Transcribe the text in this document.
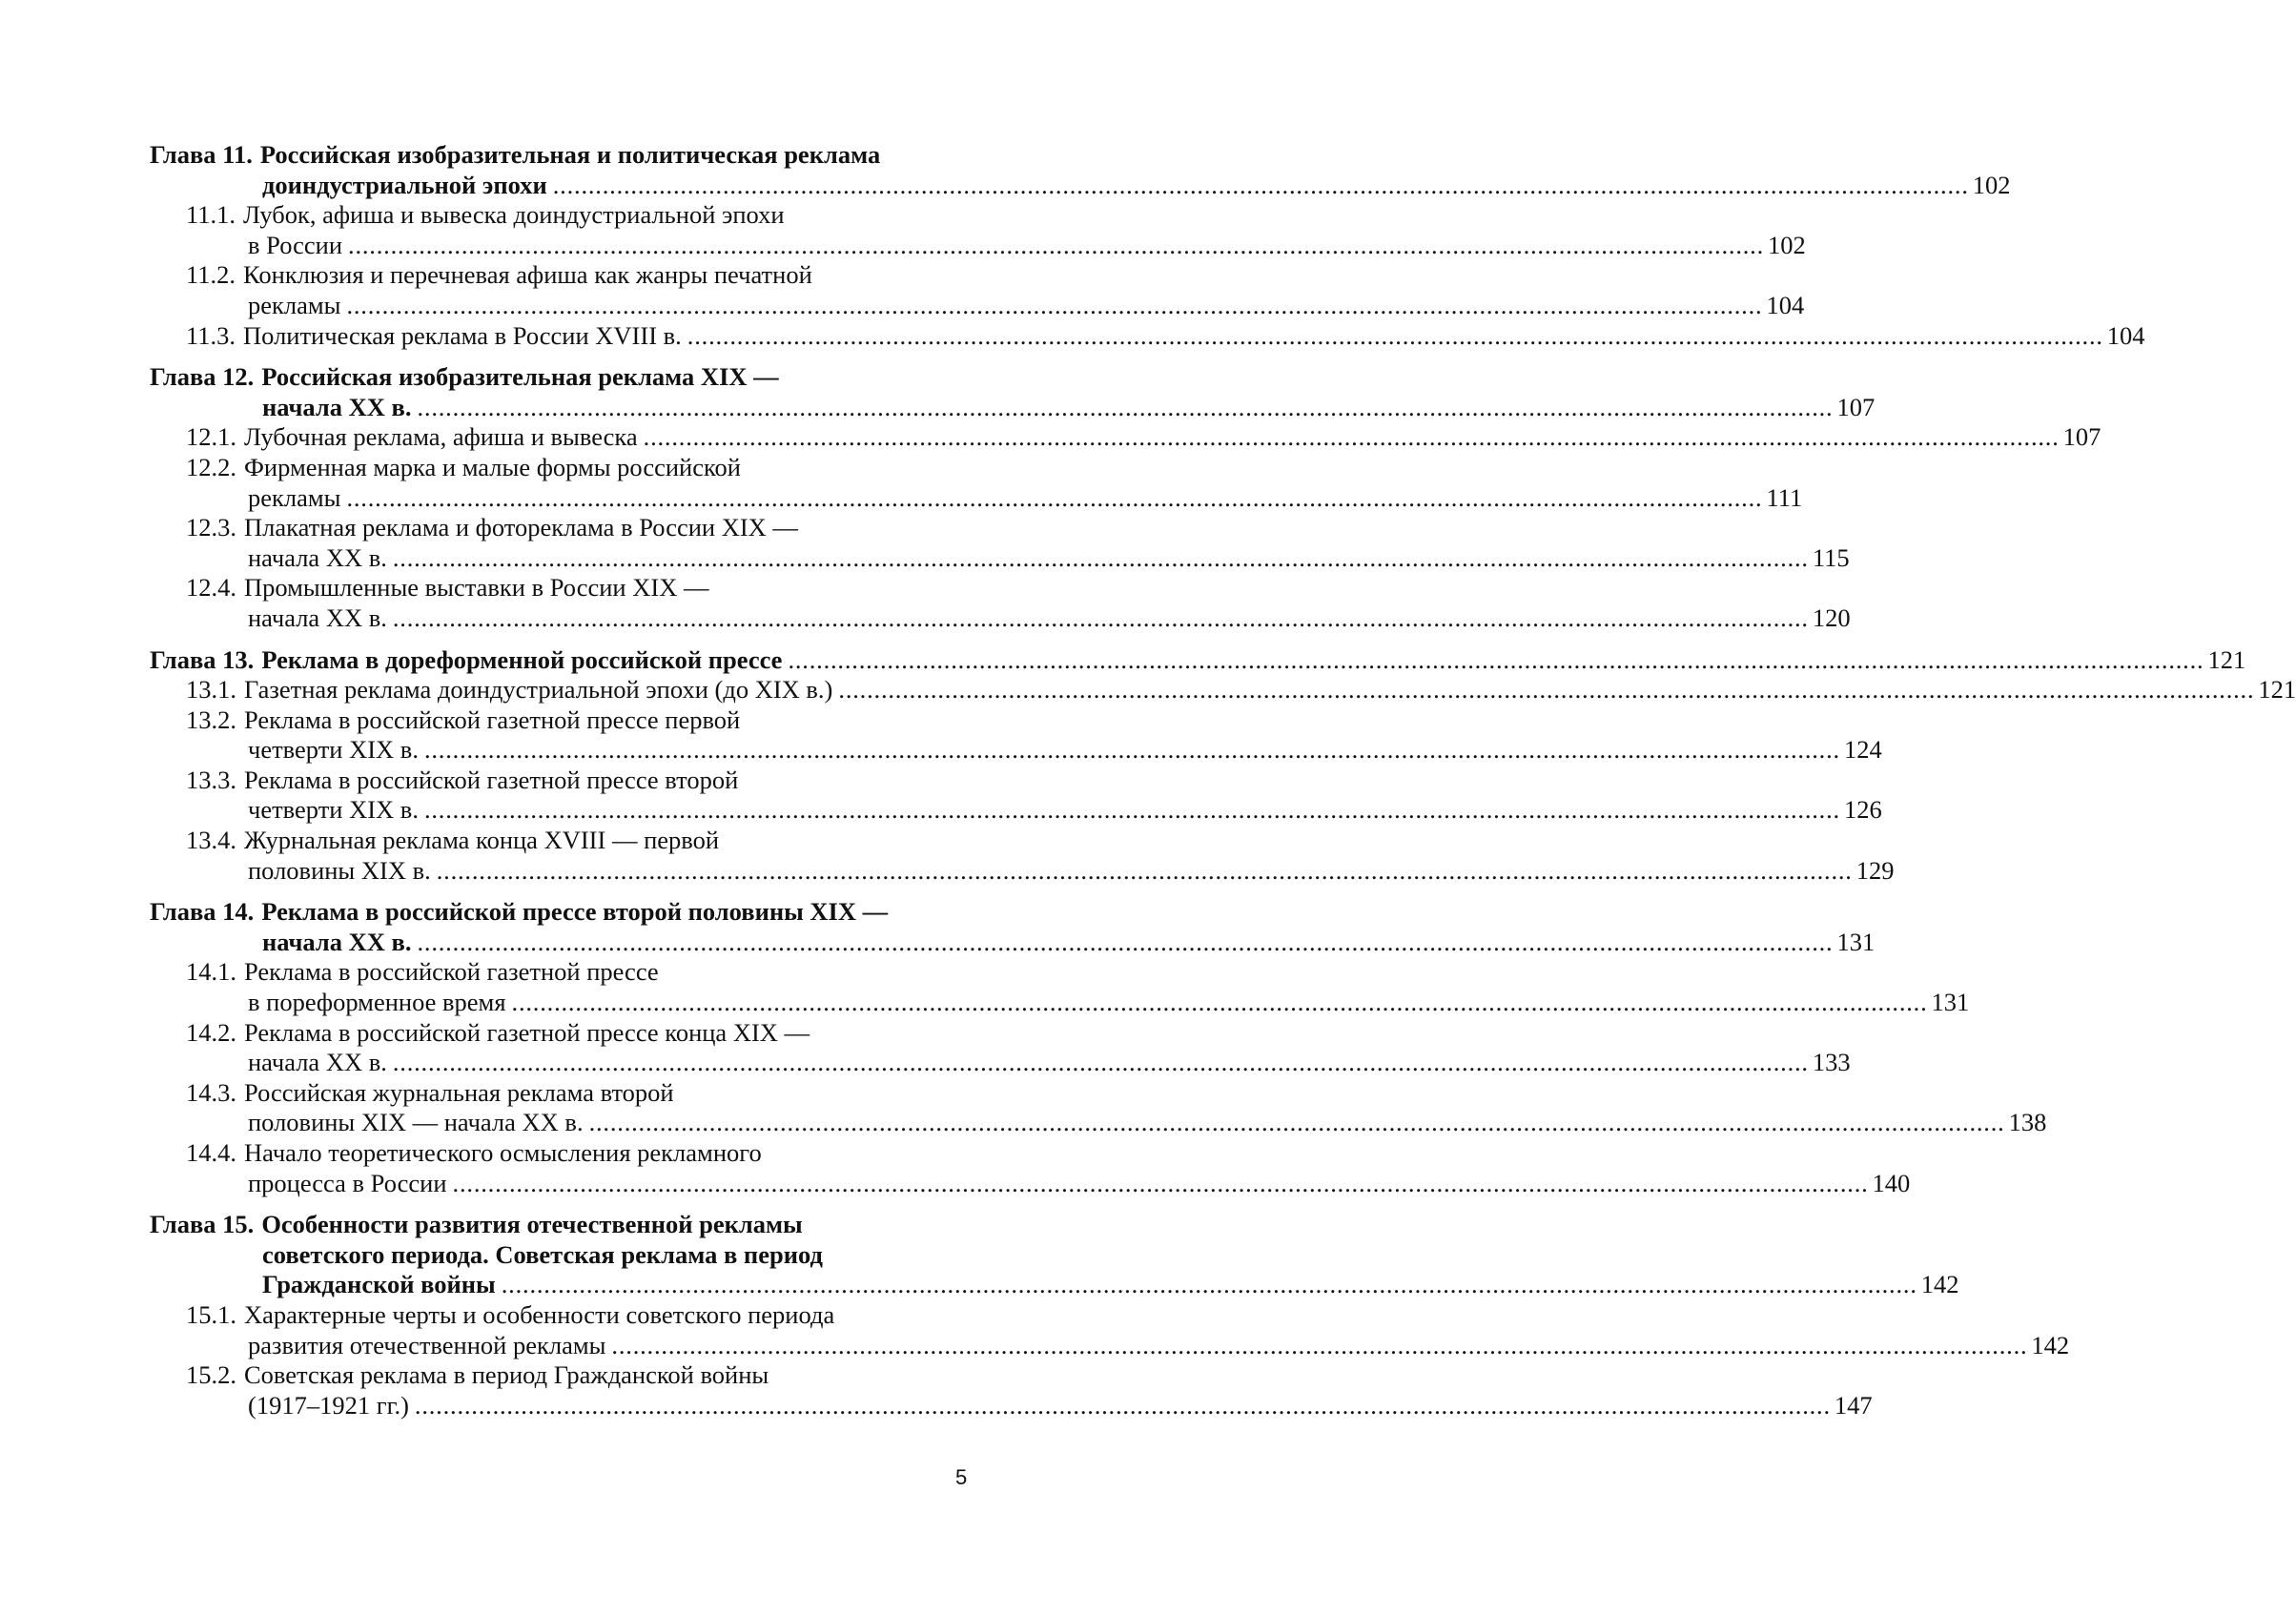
Глава 11. Российская изобразительная и политическая реклама
доиндустриальной эпохи ........................................................................................................................................................................................................ 102
11.1. Лубок, афиша и вывеска доиндустриальной эпохи
в России ........................................................................................................................................................................................................ 102
11.2. Конклюзия и перечневая афиша как жанры печатной
рекламы ........................................................................................................................................................................................................ 104
11.3. Политическая реклама в России XVIII в. ........................................................................................................................................................................................................ 104
Глава 12. Российская изобразительная реклама XIX —
начала XX в. ........................................................................................................................................................................................................ 107
12.1. Лубочная реклама, афиша и вывеска ........................................................................................................................................................................................................ 107
12.2. Фирменная марка и малые формы российской
рекламы ........................................................................................................................................................................................................ 111
12.3. Плакатная реклама и фотореклама в России XIX —
начала XX в. ........................................................................................................................................................................................................ 115
12.4. Промышленные выставки в России XIX —
начала XX в. ........................................................................................................................................................................................................ 120
Глава 13. Реклама в дореформенной российской прессе ........................................................................................................................................................................................................ 121
13.1. Газетная реклама доиндустриальной эпохи (до XIX в.) ........................................................................................................................................................................................................ 121
13.2. Реклама в российской газетной прессе первой
четверти XIX в. ........................................................................................................................................................................................................ 124
13.3. Реклама в российской газетной прессе второй
четверти XIX в. ........................................................................................................................................................................................................ 126
13.4. Журнальная реклама конца XVIII — первой
половины XIX в. ........................................................................................................................................................................................................ 129
Глава 14. Реклама в российской прессе второй половины XIX —
начала XX в. ........................................................................................................................................................................................................ 131
14.1. Реклама в российской газетной прессе
в пореформенное время ........................................................................................................................................................................................................ 131
14.2. Реклама в российской газетной прессе конца XIX —
начала XX в. ........................................................................................................................................................................................................ 133
14.3. Российская журнальная реклама второй
половины XIX — начала XX в. ........................................................................................................................................................................................................ 138
14.4. Начало теоретического осмысления рекламного
процесса в России ........................................................................................................................................................................................................ 140
Глава 15. Особенности развития отечественной рекламы
советского периода. Советская реклама в период
Гражданской войны ........................................................................................................................................................................................................ 142
15.1. Характерные черты и особенности советского периода
развития отечественной рекламы ........................................................................................................................................................................................................ 142
15.2. Советская реклама в период Гражданской войны
(1917–1921 гг.) ........................................................................................................................................................................................................ 147
5
